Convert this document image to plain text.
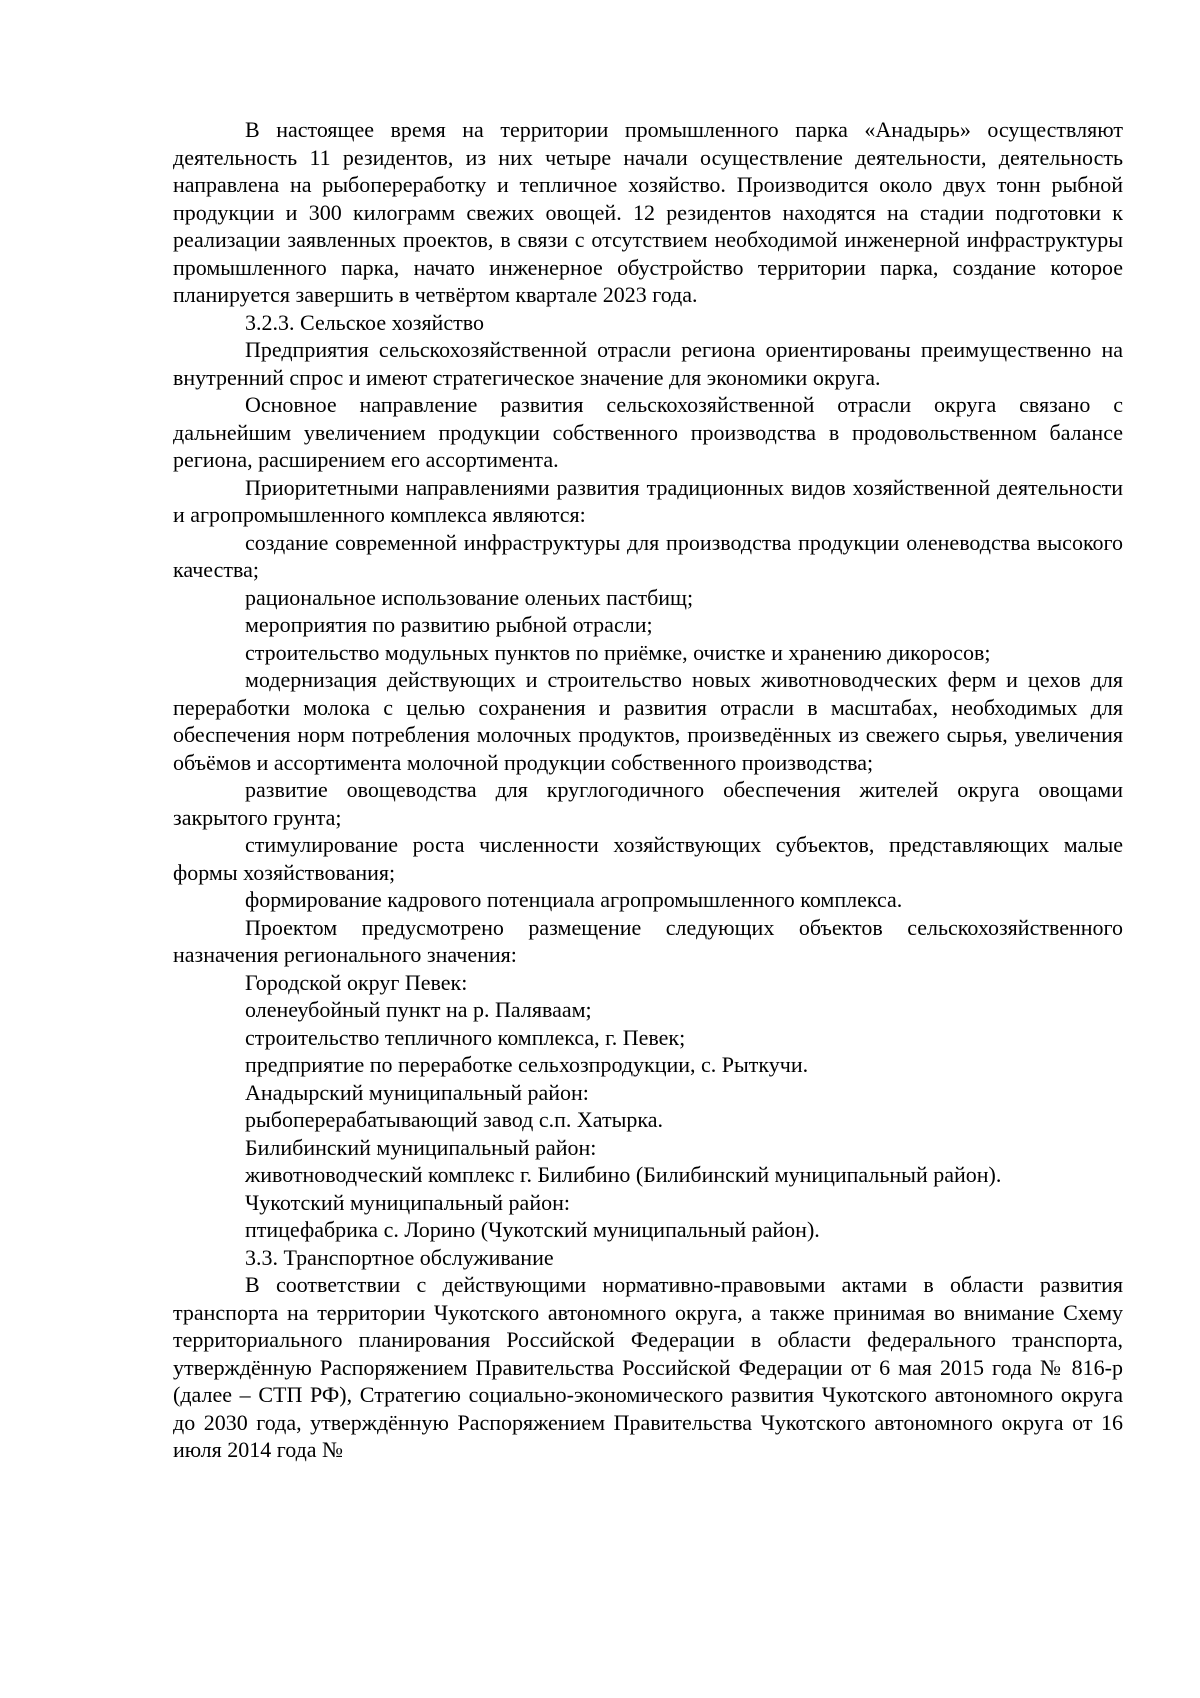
В настоящее время на территории промышленного парка «Анадырь» осуществляют деятельность 11 резидентов, из них четыре начали осуществление деятельности, деятельность направлена на рыбопереработку и тепличное хозяйство. Производится около двух тонн рыбной продукции и 300 килограмм свежих овощей. 12 резидентов находятся на стадии подготовки к реализации заявленных проектов, в связи с отсутствием необходимой инженерной инфраструктуры промышленного парка, начато инженерное обустройство территории парка, создание которое планируется завершить в четвёртом квартале 2023 года.

3.2.3. Сельское хозяйство

Предприятия сельскохозяйственной отрасли региона ориентированы преимущественно на внутренний спрос и имеют стратегическое значение для экономики округа.

Основное направление развития сельскохозяйственной отрасли округа связано с дальнейшим увеличением продукции собственного производства в продовольственном балансе региона, расширением его ассортимента.

Приоритетными направлениями развития традиционных видов хозяйственной деятельности и агропромышленного комплекса являются:

создание современной инфраструктуры для производства продукции оленеводства высокого качества;

рациональное использование оленьих пастбищ;

мероприятия по развитию рыбной отрасли;

строительство модульных пунктов по приёмке, очистке и хранению дикоросов;

модернизация действующих и строительство новых животноводческих ферм и цехов для переработки молока с целью сохранения и развития отрасли в масштабах, необходимых для обеспечения норм потребления молочных продуктов, произведённых из свежего сырья, увеличения объёмов и ассортимента молочной продукции собственного производства;

развитие овощеводства для круглогодичного обеспечения жителей округа овощами закрытого грунта;

стимулирование роста численности хозяйствующих субъектов, представляющих малые формы хозяйствования;

формирование кадрового потенциала агропромышленного комплекса.

Проектом предусмотрено размещение следующих объектов сельскохозяйственного назначения регионального значения:

Городской округ Певек:

оленеубойный пункт на р. Паляваам;

строительство тепличного комплекса, г. Певек;

предприятие по переработке сельхозпродукции, с. Рыткучи.

Анадырский муниципальный район:

рыбоперерабатывающий завод с.п. Хатырка.

Билибинский муниципальный район:

животноводческий комплекс г. Билибино (Билибинский муниципальный район).

Чукотский муниципальный район:

птицефабрика с. Лорино (Чукотский муниципальный район).

3.3. Транспортное обслуживание

В соответствии с действующими нормативно-правовыми актами в области развития транспорта на территории Чукотского автономного округа, а также принимая во внимание Схему территориального планирования Российской Федерации в области федерального транспорта, утверждённую Распоряжением Правительства Российской Федерации от 6 мая 2015 года № 816-р (далее – СТП РФ), Стратегию социально-экономического развития Чукотского автономного округа до 2030 года, утверждённую Распоряжением Правительства Чукотского автономного округа от 16 июля 2014 года №
